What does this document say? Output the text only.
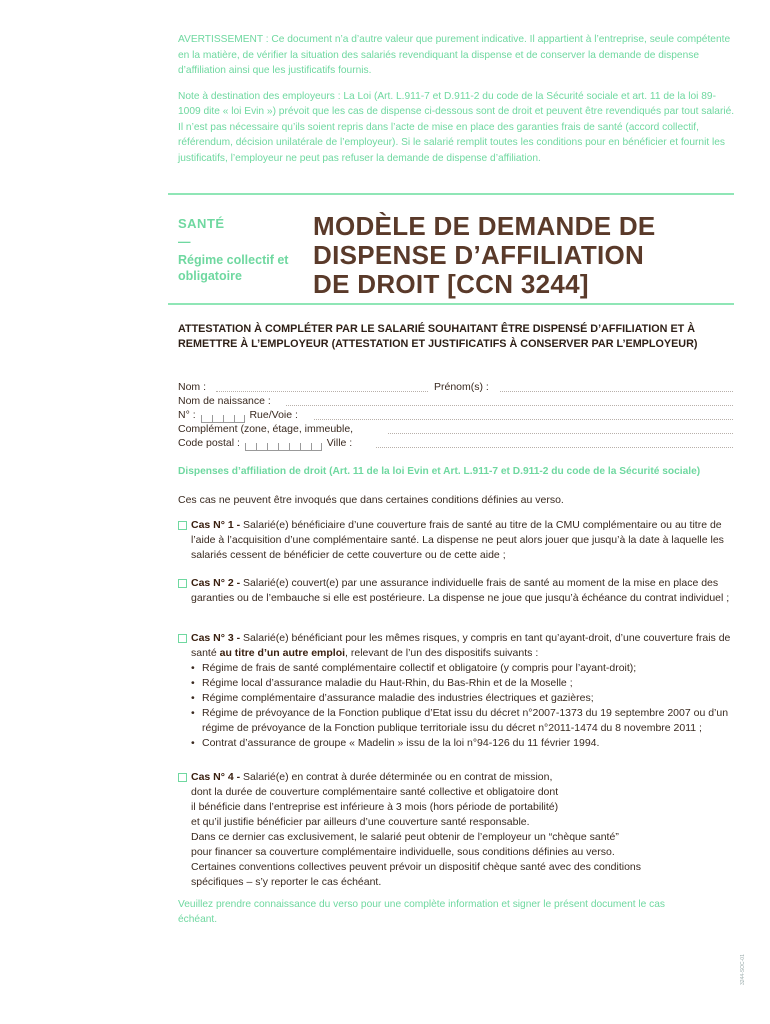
AVERTISSEMENT : Ce document n’a d’autre valeur que purement indicative. Il appartient à l’entreprise, seule compétente en la matière, de vérifier la situation des salariés revendiquant la dispense et de conserver la demande de dispense d’affiliation ainsi que les justificatifs fournis.

Note à destination des employeurs : La Loi (Art. L.911-7 et D.911-2 du code de la Sécurité sociale et art. 11 de la loi 89-1009 dite « loi Evin ») prévoit que les cas de dispense ci-dessous sont de droit et peuvent être revendiqués par tout salarié. Il n’est pas nécessaire qu’ils soient repris dans l’acte de mise en place des garanties frais de santé (accord collectif, référendum, décision unilatérale de l’employeur). Si le salarié remplit toutes les conditions pour en bénéficier et fournit les justificatifs, l’employeur ne peut pas refuser la demande de dispense d’affiliation.

SANTÉ
—
Régime collectif et obligatoire
MODÈLE DE DEMANDE DE
DISPENSE D’AFFILIATION
DE DROIT [CCN 3244]
ATTESTATION À COMPLÉTER PAR LE SALARIÉ SOUHAITANT ÊTRE DISPENSÉ D’AFFILIATION ET À REMETTRE À L’EMPLOYEUR (ATTESTATION ET JUSTIFICATIFS À CONSERVER PAR L’EMPLOYEUR)
Nom :	Prénom(s) :
Nom de naissance :
N° :	Rue/Voie :
Complément (zone, étage, immeuble,
Code postal :	Ville :
Dispenses d’affiliation de droit (Art. 11 de la loi Evin et Art. L.911-7 et D.911-2 du code de la Sécurité sociale)
Ces cas ne peuvent être invoqués que dans certaines conditions définies au verso.
Cas N° 1 - Salarié(e) bénéficiaire d’une couverture frais de santé au titre de la CMU complémentaire ou au titre de l’aide à l’acquisition d’une complémentaire santé. La dispense ne peut alors jouer que jusqu’à la date à laquelle les salariés cessent de bénéficier de cette couverture ou de cette aide ;
Cas N° 2 - Salarié(e) couvert(e) par une assurance individuelle frais de santé au moment de la mise en place des garanties ou de l’embauche si elle est postérieure. La dispense ne joue que jusqu’à échéance du contrat individuel ;
Cas N° 3 - Salarié(e) bénéficiant pour les mêmes risques, y compris en tant qu’ayant-droit, d’une couverture frais de santé au titre d’un autre emploi, relevant de l’un des dispositifs suivants :
• Régime de frais de santé complémentaire collectif et obligatoire (y compris pour l’ayant-droit);
• Régime local d’assurance maladie du Haut-Rhin, du Bas-Rhin et de la Moselle ;
• Régime complémentaire d’assurance maladie des industries électriques et gazières;
• Régime de prévoyance de la Fonction publique d’Etat issu du décret n°2007-1373 du 19 septembre 2007 ou d’un régime de prévoyance de la Fonction publique territoriale issu du décret n°2011-1474 du 8 novembre 2011 ;
• Contrat d’assurance de groupe « Madelin » issu de la loi n°94-126 du 11 février 1994.
Cas N° 4 - Salarié(e) en contrat à durée déterminée ou en contrat de mission,
dont la durée de couverture complémentaire santé collective et obligatoire dont
il bénéficie dans l’entreprise est inférieure à 3 mois (hors période de portabilité)
et qu’il justifie bénéficier par ailleurs d’une couverture santé responsable.
Dans ce dernier cas exclusivement, le salarié peut obtenir de l’employeur un “chèque santé”
pour financer sa couverture complémentaire individuelle, sous conditions définies au verso.
Certaines conventions collectives peuvent prévoir un dispositif chèque santé avec des conditions
spécifiques – s’y reporter le cas échéant.
Veuillez prendre connaissance du verso pour une complète information et signer le présent document le cas échéant.
3244-SOC-01
